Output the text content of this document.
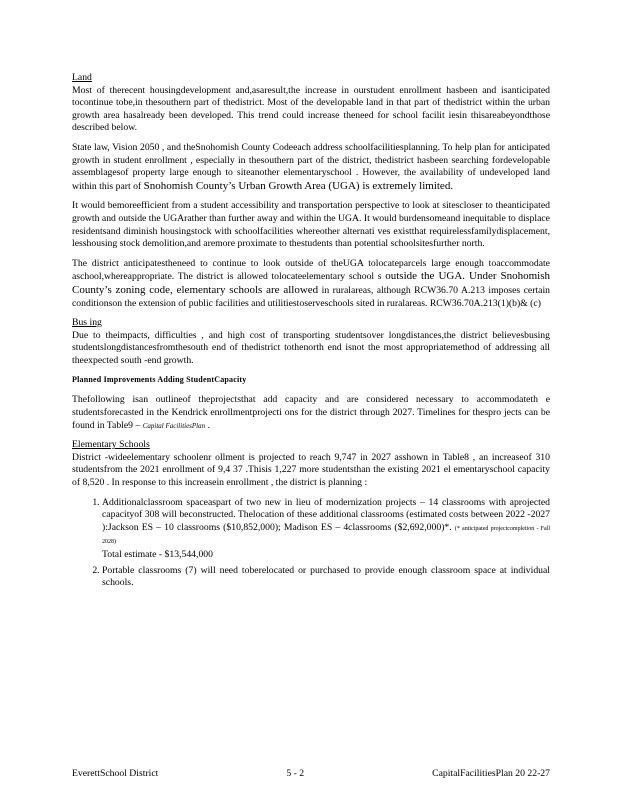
Land

Most of therecent housingdevelopment and,asaresult,the increase in ourstudent enrollment hasbeen and isanticipated tocontinue tobe,in thesouthern part of thedistrict. Most of the developable land in that part of thedistrict within the urban growth area hasalready been developed. This trend could increase theneed for school facilit iesin thisareabeyondthose described below.

State law, Vision 2050 , and theSnohomish County Codeeach address schoolfacilitiesplanning. To help plan for anticipated growth in student enrollment , especially in thesouthern part of the district, thedistrict hasbeen searching fordevelopable assemblagesof property large enough to siteanother elementaryschool . However, the availability of undeveloped land within this part of Snohomish County’s Urban Growth Area (UGA) is extremely limited.

It would bemoreefficient from a student accessibility and transportation perspective to look at sitescloser to theanticipated growth and outside the UGArather than further away and within the UGA. It would burdensomeand inequitable to displace residentsand diminish housingstock with schoolfacilities whereother alternati ves existthat requirelessfamilydisplacement, lesshousing stock demolition,and aremore proximate to thestudents than potential schoolsitesfurther north.

The district anticipatestheneed to continue to look outside of theUGA tolocateparcels large enough toaccommodate aschool,whereappropriate. The district is allowed tolocateelementary school s outside the UGA. Under Snohomish County’s zoning code, elementary schools are allowed in ruralareas, although RCW36.70 A.213 imposes certain conditionson the extension of public facilities and utilitiestoserveschools sited in ruralareas. RCW36.70A.213(1)(b)& (c)

Bus ing

Due to theimpacts, difficulties , and high cost of transporting studentsover longdistances,the district believesbusing studentslongdistancesfromthesouth end of thedistrict tothenorth end isnot the most appropriatemethod of addressing all theexpected south -end growth.

Planned Improvements Adding StudentCapacity

Thefollowing isan outlineof theprojectsthat add capacity and are considered necessary to accommodateth e studentsforecasted in the Kendrick enrollmentprojecti ons for the district through 2027. Timelines for thespro jects can be found in Table9 – Capital FacilitiesPlan .

Elementary Schools

District -wideelementary schoolenr ollment is projected to reach 9,747 in 2027 asshown in Table8 , an increaseof 310 studentsfrom the 2021 enrollment of 9,4 37 .Thisis 1,227 more studentsthan the existing 2021 el ementaryschool capacity of 8,520 . In response to this increasein enrollment , the district is planning :

1. Additionalclassroom spaceaspart of two new in lieu of modernization projects – 14 classrooms with aprojected capacityof 308 will beconstructed. Thelocation of these additional classrooms (estimated costs between 2022 -2027 ):Jackson ES – 10 classrooms ($10,852,000); Madison ES – 4classrooms ($2,692,000)*. (* anticipated projectcompletion - Fall 2028)
Total estimate - $13,544,000
2. Portable classrooms (7) will need toberelocated or purchased to provide enough classroom space at individual schools.
EverettSchool District	5 - 2	CapitalFacilitiesPlan 20 22-27
